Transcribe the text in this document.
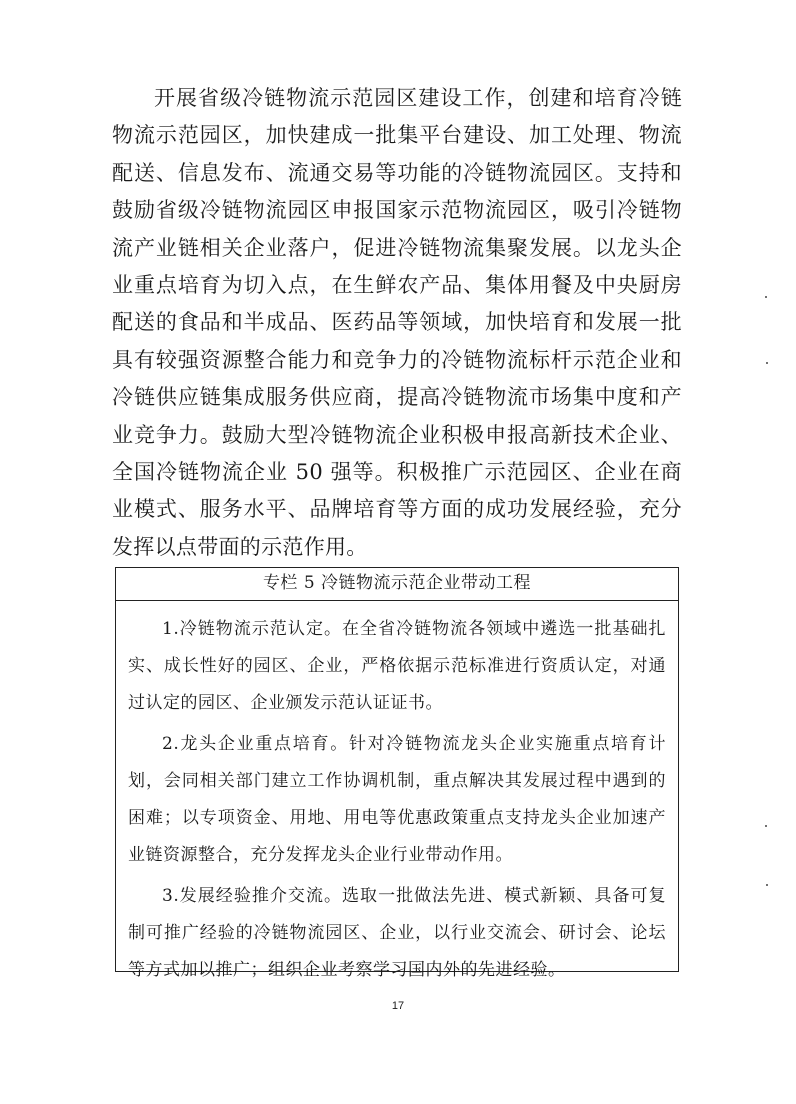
开展省级冷链物流示范园区建设工作，创建和培育冷链物流示范园区，加快建成一批集平台建设、加工处理、物流配送、信息发布、流通交易等功能的冷链物流园区。支持和鼓励省级冷链物流园区申报国家示范物流园区，吸引冷链物流产业链相关企业落户，促进冷链物流集聚发展。以龙头企业重点培育为切入点，在生鲜农产品、集体用餐及中央厨房配送的食品和半成品、医药品等领域，加快培育和发展一批具有较强资源整合能力和竞争力的冷链物流标杆示范企业和冷链供应链集成服务供应商，提高冷链物流市场集中度和产业竞争力。鼓励大型冷链物流企业积极申报高新技术企业、全国冷链物流企业 50 强等。积极推广示范园区、企业在商业模式、服务水平、品牌培育等方面的成功发展经验，充分发挥以点带面的示范作用。

专栏 5 冷链物流示范企业带动工程

1.冷链物流示范认定。在全省冷链物流各领域中遴选一批基础扎实、成长性好的园区、企业，严格依据示范标准进行资质认定，对通过认定的园区、企业颁发示范认证证书。

2.龙头企业重点培育。针对冷链物流龙头企业实施重点培育计划，会同相关部门建立工作协调机制，重点解决其发展过程中遇到的困难；以专项资金、用地、用电等优惠政策重点支持龙头企业加速产业链资源整合，充分发挥龙头企业行业带动作用。

3.发展经验推介交流。选取一批做法先进、模式新颖、具备可复制可推广经验的冷链物流园区、企业，以行业交流会、研讨会、论坛等方式加以推广；组织企业考察学习国内外的先进经验。

17
